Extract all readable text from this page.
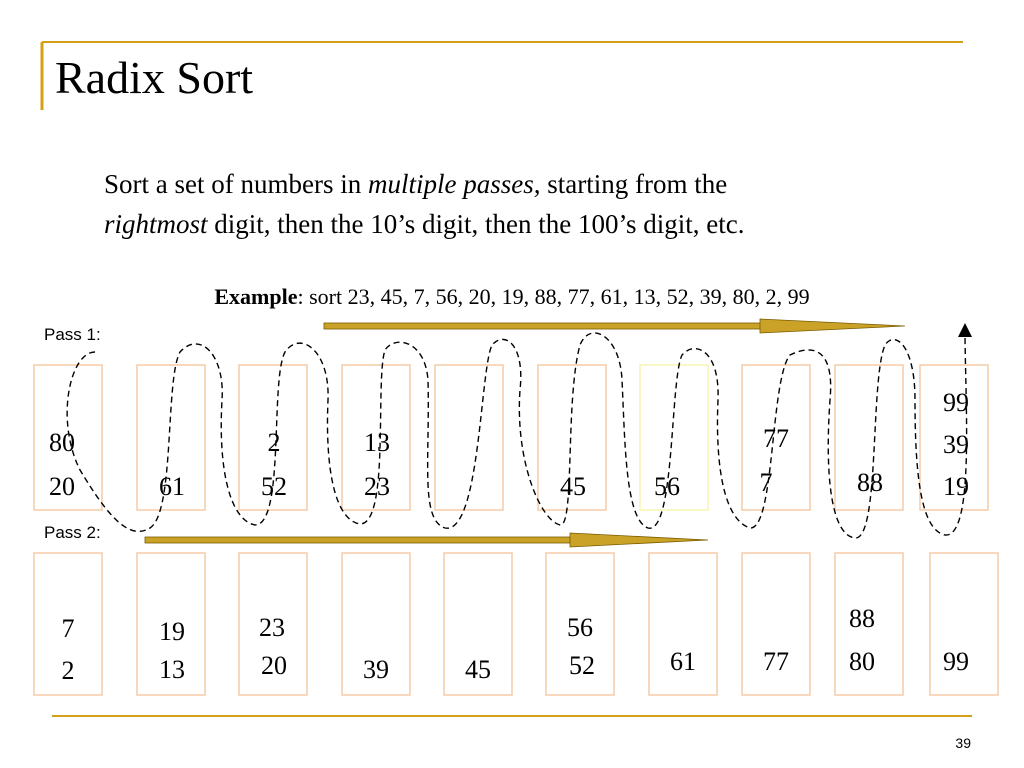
Radix Sort
Sort a set of numbers in multiple passes, starting from the
rightmost digit, then the 10’s digit, then the 100’s digit, etc.
Example: sort 23, 45, 7, 56, 20, 19, 88, 77, 61, 13, 52, 39, 80, 2, 99
Pass 1:
Pass 2:
80
20	61
2
52
13
23	45	56
77
7	88
99
39
19
7
2
19
13
23
20	39	45
56
52	61	77
88
80	99
39
